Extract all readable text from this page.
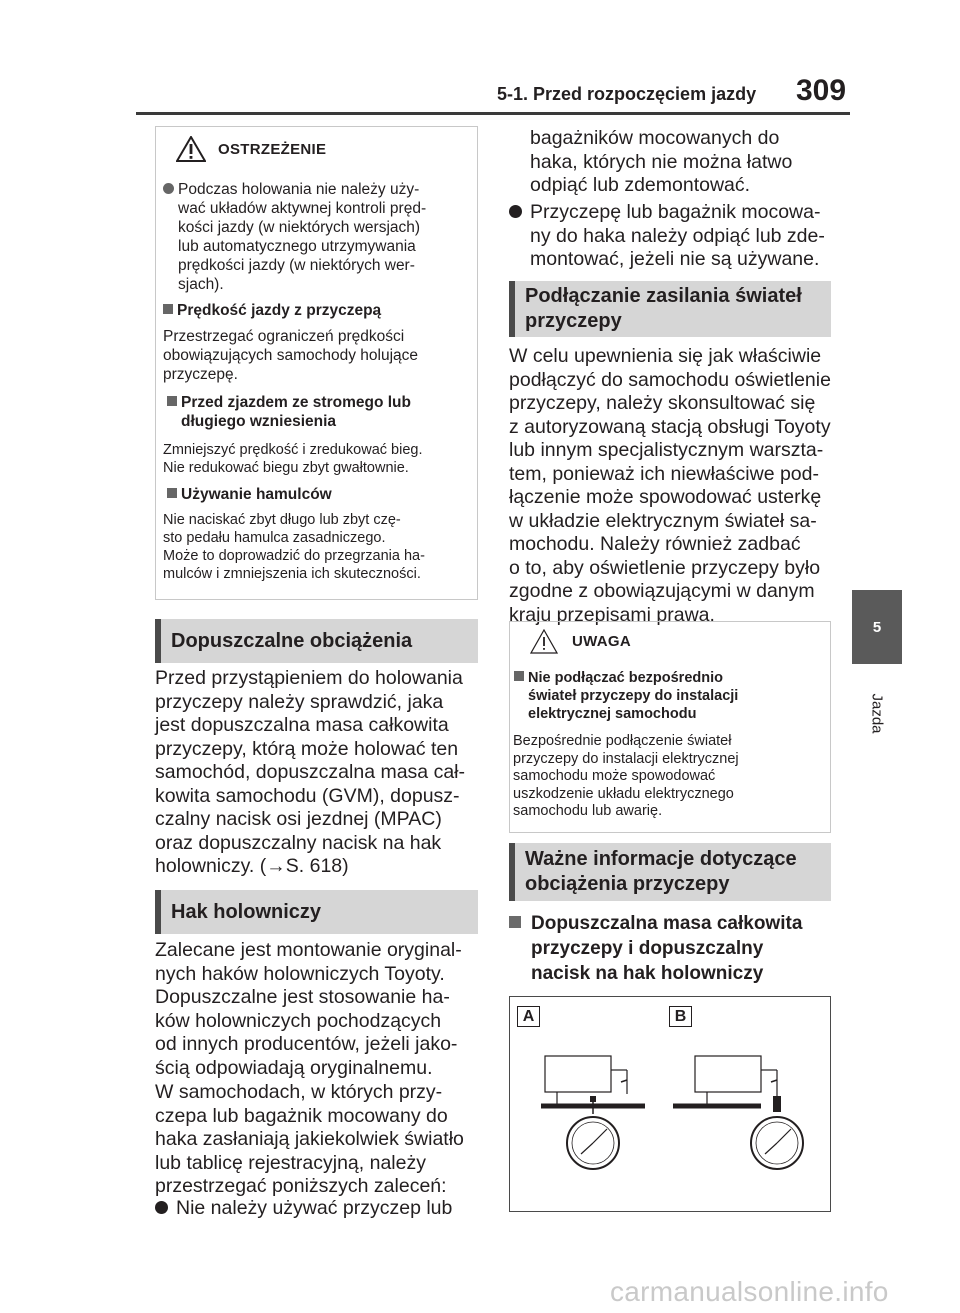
5-1. Przed rozpoczęciem jazdy 309
5
Jazda
OSTRZEŻENIE
Podczas holowania nie należy uży-
wać układów aktywnej kontroli pręd-
kości jazdy (w niektórych wersjach)
lub automatycznego utrzymywania
prędkości jazdy (w niektórych wer-
sjach).
Prędkość jazdy z przyczepą
Przestrzegać ograniczeń prędkości
obowiązujących samochody holujące
przyczepę.
Przed zjazdem ze stromego lub
długiego wzniesienia
Zmniejszyć prędkość i zredukować bieg.
Nie redukować biegu zbyt gwałtownie.
Używanie hamulców
Nie naciskać zbyt długo lub zbyt czę-
sto pedału hamulca zasadniczego.
Może to doprowadzić do przegrzania ha-
mulców i zmniejszenia ich skuteczności.
Dopuszczalne obciążenia
Przed przystąpieniem do holowania
przyczepy należy sprawdzić, jaka
jest dopuszczalna masa całkowita
przyczepy, którą może holować ten
samochód, dopuszczalna masa cał-
kowita samochodu (GVM), dopusz-
czalny nacisk osi jezdnej (MPAC)
oraz dopuszczalny nacisk na hak
holowniczy. (→S. 618)
Hak holowniczy
Zalecane jest montowanie oryginal-
nych haków holowniczych Toyoty.
Dopuszczalne jest stosowanie ha-
ków holowniczych pochodzących
od innych producentów, jeżeli jako-
ścią odpowiadają oryginalnemu.
W samochodach, w których przy-
czepa lub bagażnik mocowany do
haka zasłaniają jakiekolwiek światło
lub tablicę rejestracyjną, należy
przestrzegać poniższych zaleceń:
Nie należy używać przyczep lub
bagażników mocowanych do
haka, których nie można łatwo
odpiąć lub zdemontować.
Przyczepę lub bagażnik mocowa-
ny do haka należy odpiąć lub zde-
montować, jeżeli nie są używane.
Podłączanie zasilania świateł
przyczepy
W celu upewnienia się jak właściwie
podłączyć do samochodu oświetlenie
przyczepy, należy skonsultować się
z autoryzowaną stacją obsługi Toyoty
lub innym specjalistycznym warszta-
tem, ponieważ ich niewłaściwe pod-
łączenie może spowodować usterkę
w układzie elektrycznym świateł sa-
mochodu. Należy również zadbać
o to, aby oświetlenie przyczepy było
zgodne z obowiązującymi w danym
kraju przepisami prawa.
UWAGA
Nie podłączać bezpośrednio
świateł przyczepy do instalacji
elektrycznej samochodu
Bezpośrednie podłączenie świateł
przyczepy do instalacji elektrycznej
samochodu może spowodować
uszkodzenie układu elektrycznego
samochodu lub awarię.
Ważne informacje dotyczące
obciążenia przyczepy
Dopuszczalna masa całkowita
przyczepy i dopuszczalny
nacisk na hak holowniczy
A	B
carmanualsonline.info
